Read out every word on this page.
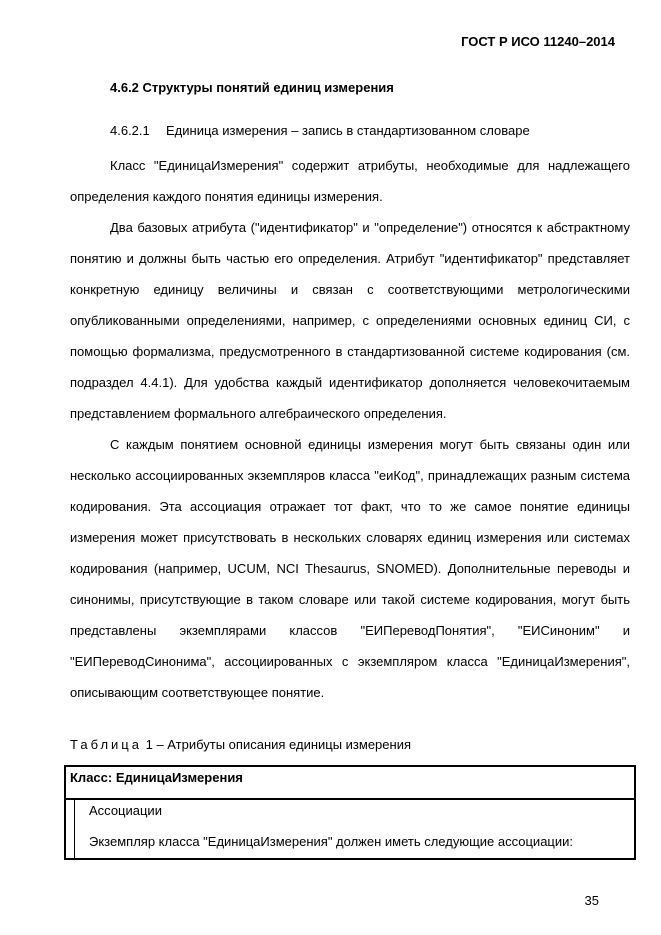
ГОСТ Р ИСО 11240–2014
4.6.2 Структуры понятий единиц измерения
4.6.2.1 Единица измерения – запись в стандартизованном словаре

Класс "ЕдиницаИзмерения" содержит атрибуты, необходимые для надлежащего определения каждого понятия единицы измерения.

Два базовых атрибута ("идентификатор" и "определение") относятся к абстрактному понятию и должны быть частью его определения. Атрибут "идентификатор" представляет конкретную единицу величины и связан с соответствующими метрологическими опубликованными определениями, например, с определениями основных единиц СИ, с помощью формализма, предусмотренного в стандартизованной системе кодирования (см. подраздел 4.4.1). Для удобства каждый идентификатор дополняется человекочитаемым представлением формального алгебраического определения.

С каждым понятием основной единицы измерения могут быть связаны один или несколько ассоциированных экземпляров класса "еиКод", принадлежащих разным система кодирования. Эта ассоциация отражает тот факт, что то же самое понятие единицы измерения может присутствовать в нескольких словарях единиц измерения или системах кодирования (например, UCUM, NCI Thesaurus, SNOMED). Дополнительные переводы и синонимы, присутствующие в таком словаре или такой системе кодирования, могут быть представлены экземплярами классов "ЕИПереводПонятия", "ЕИСиноним" и "ЕИПереводСинонима", ассоциированных с экземпляром класса "ЕдиницаИзмерения", описывающим соответствующее понятие.

Таблица 1 – Атрибуты описания единицы измерения
Класс: ЕдиницаИзмерения
Ассоциации
Экземпляр класса "ЕдиницаИзмерения" должен иметь следующие ассоциации:
35
